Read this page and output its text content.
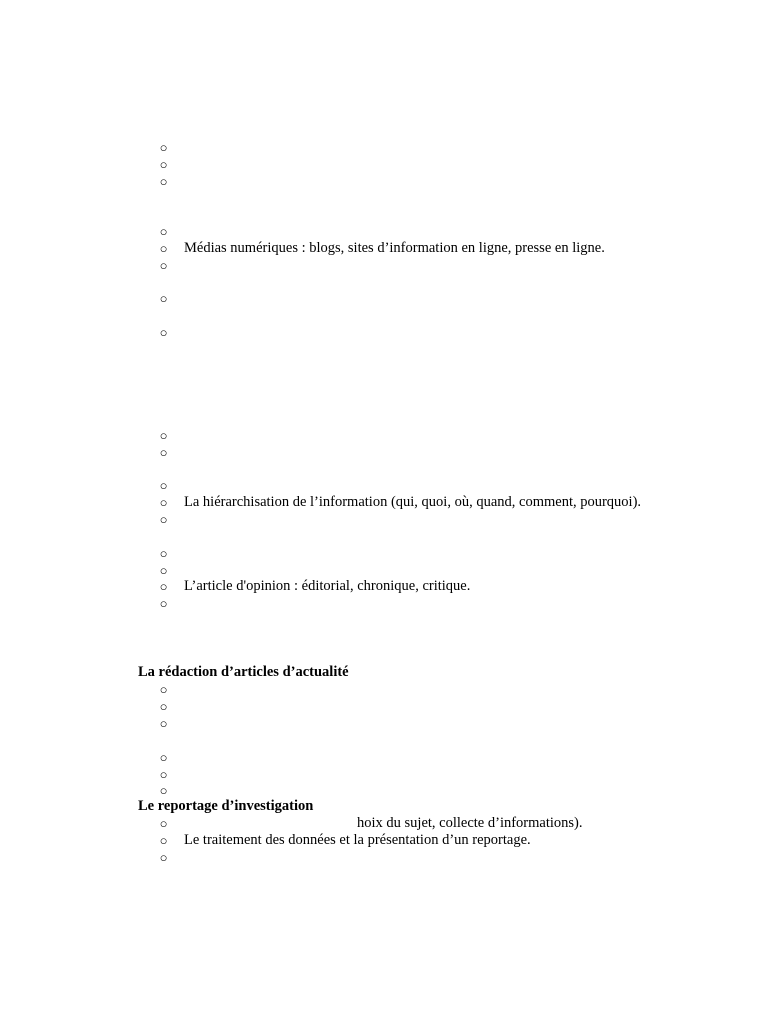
○
○
○
○
○ Médias numériques : blogs, sites d’information en ligne, presse en ligne.
○
○
○
○
○
○
○ La hiérarchisation de l’information (qui, quoi, où, quand, comment, pourquoi).
○
○
○
○ L’article d'opinion : éditorial, chronique, critique.
○
La rédaction d’articles d’actualité
○
○
○
○
○
○
Le reportage d’investigation
○	hoix du sujet, collecte d’informations).
○ Le traitement des données et la présentation d’un reportage.
○
